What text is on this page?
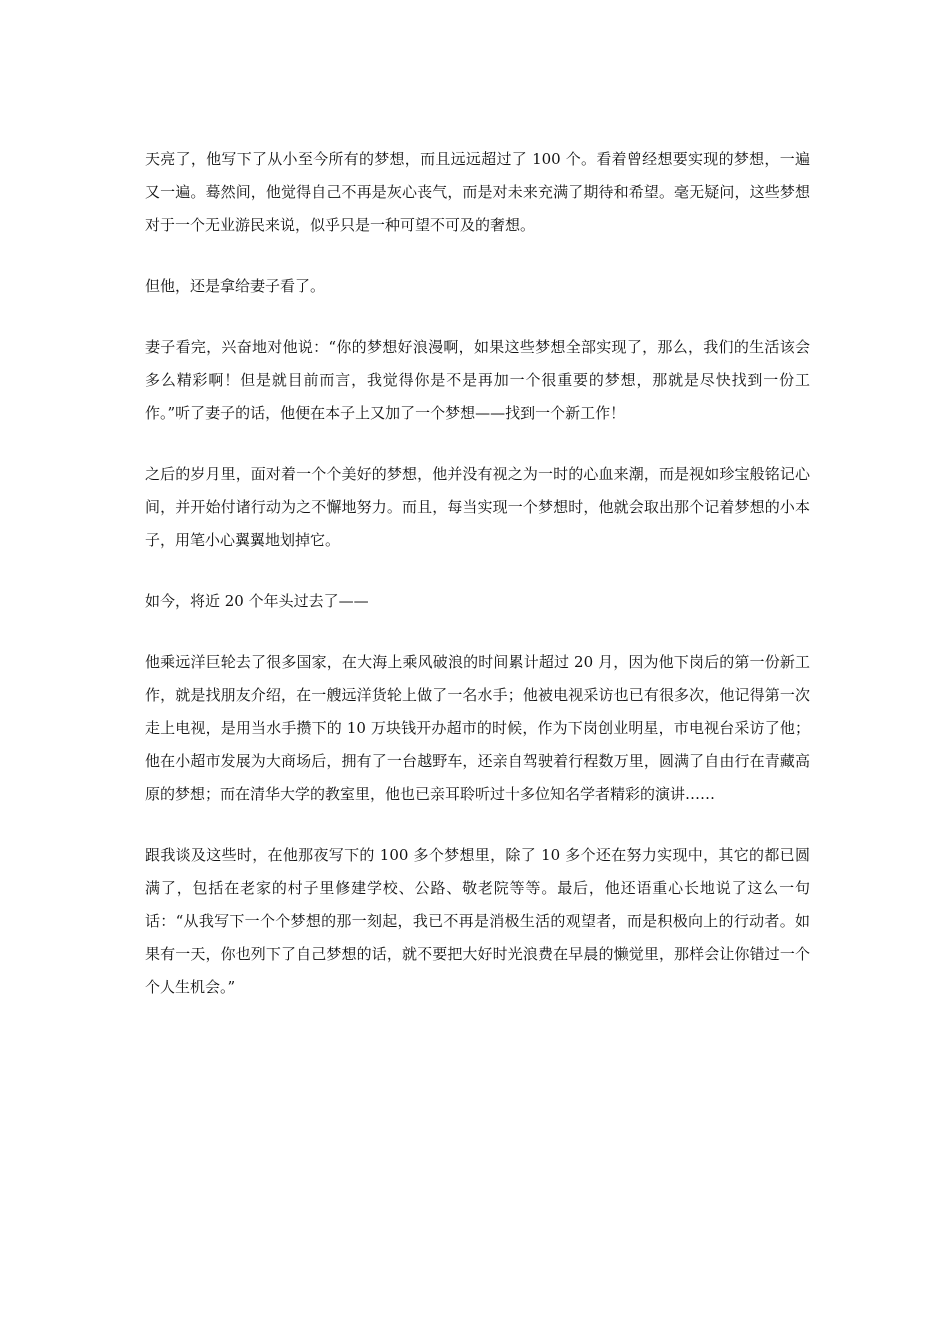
天亮了，他写下了从小至今所有的梦想，而且远远超过了 100 个。看着曾经想要实现的梦想，一遍又一遍。蓦然间，他觉得自己不再是灰心丧气，而是对未来充满了期待和希望。毫无疑问，这些梦想对于一个无业游民来说，似乎只是一种可望不可及的奢想。

但他，还是拿给妻子看了。

妻子看完，兴奋地对他说：“你的梦想好浪漫啊，如果这些梦想全部实现了，那么，我们的生活该会多么精彩啊！但是就目前而言，我觉得你是不是再加一个很重要的梦想，那就是尽快找到一份工作。”听了妻子的话，他便在本子上又加了一个梦想——找到一个新工作！

之后的岁月里，面对着一个个美好的梦想，他并没有视之为一时的心血来潮，而是视如珍宝般铭记心间，并开始付诸行动为之不懈地努力。而且，每当实现一个梦想时，他就会取出那个记着梦想的小本子，用笔小心翼翼地划掉它。

如今，将近 20 个年头过去了——

他乘远洋巨轮去了很多国家，在大海上乘风破浪的时间累计超过 20 月，因为他下岗后的第一份新工作，就是找朋友介绍，在一艘远洋货轮上做了一名水手；他被电视采访也已有很多次，他记得第一次走上电视，是用当水手攒下的 10 万块钱开办超市的时候，作为下岗创业明星，市电视台采访了他；他在小超市发展为大商场后，拥有了一台越野车，还亲自驾驶着行程数万里，圆满了自由行在青藏高原的梦想；而在清华大学的教室里，他也已亲耳聆听过十多位知名学者精彩的演讲……

跟我谈及这些时，在他那夜写下的 100 多个梦想里，除了 10 多个还在努力实现中，其它的都已圆满了，包括在老家的村子里修建学校、公路、敬老院等等。最后，他还语重心长地说了这么一句话：“从我写下一个个梦想的那一刻起，我已不再是消极生活的观望者，而是积极向上的行动者。如果有一天，你也列下了自己梦想的话，就不要把大好时光浪费在早晨的懒觉里，那样会让你错过一个个人生机会。”
